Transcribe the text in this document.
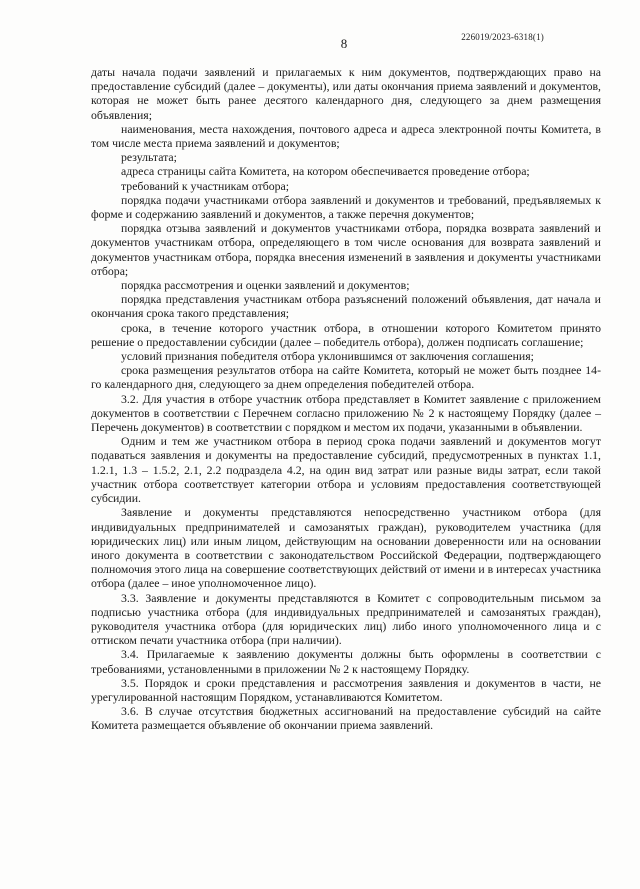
226019/2023-6318(1)
8

даты начала подачи заявлений и прилагаемых к ним документов, подтверждающих право на предоставление субсидий (далее – документы), или даты окончания приема заявлений и документов, которая не может быть ранее десятого календарного дня, следующего за днем размещения объявления;

наименования, места нахождения, почтового адреса и адреса электронной почты Комитета, в том числе места приема заявлений и документов;

результата;

адреса страницы сайта Комитета, на котором обеспечивается проведение отбора;

требований к участникам отбора;

порядка подачи участниками отбора заявлений и документов и требований, предъявляемых к форме и содержанию заявлений и документов, а также перечня документов;

порядка отзыва заявлений и документов участниками отбора, порядка возврата заявлений и документов участникам отбора, определяющего в том числе основания для возврата заявлений и документов участникам отбора, порядка внесения изменений в заявления и документы участниками отбора;

порядка рассмотрения и оценки заявлений и документов;

порядка представления участникам отбора разъяснений положений объявления, дат начала и окончания срока такого представления;

срока, в течение которого участник отбора, в отношении которого Комитетом принято решение о предоставлении субсидии (далее – победитель отбора), должен подписать соглашение;

условий признания победителя отбора уклонившимся от заключения соглашения;

срока размещения результатов отбора на сайте Комитета, который не может быть позднее 14-го календарного дня, следующего за днем определения победителей отбора.

3.2. Для участия в отборе участник отбора представляет в Комитет заявление с приложением документов в соответствии с Перечнем согласно приложению № 2 к настоящему Порядку (далее – Перечень документов) в соответствии с порядком и местом их подачи, указанными в объявлении.

Одним и тем же участником отбора в период срока подачи заявлений и документов могут подаваться заявления и документы на предоставление субсидий, предусмотренных в пунктах 1.1, 1.2.1, 1.3 – 1.5.2, 2.1, 2.2 подраздела 4.2, на один вид затрат или разные виды затрат, если такой участник отбора соответствует категории отбора и условиям предоставления соответствующей субсидии.

Заявление и документы представляются непосредственно участником отбора (для индивидуальных предпринимателей и самозанятых граждан), руководителем участника (для юридических лиц) или иным лицом, действующим на основании доверенности или на основании иного документа в соответствии с законодательством Российской Федерации, подтверждающего полномочия этого лица на совершение соответствующих действий от имени и в интересах участника отбора (далее – иное уполномоченное лицо).

3.3. Заявление и документы представляются в Комитет с сопроводительным письмом за подписью участника отбора (для индивидуальных предпринимателей и самозанятых граждан), руководителя участника отбора (для юридических лиц) либо иного уполномоченного лица и с оттиском печати участника отбора (при наличии).

3.4. Прилагаемые к заявлению документы должны быть оформлены в соответствии с требованиями, установленными в приложении № 2 к настоящему Порядку.

3.5. Порядок и сроки представления и рассмотрения заявления и документов в части, не урегулированной настоящим Порядком, устанавливаются Комитетом.

3.6. В случае отсутствия бюджетных ассигнований на предоставление субсидий на сайте Комитета размещается объявление об окончании приема заявлений.
